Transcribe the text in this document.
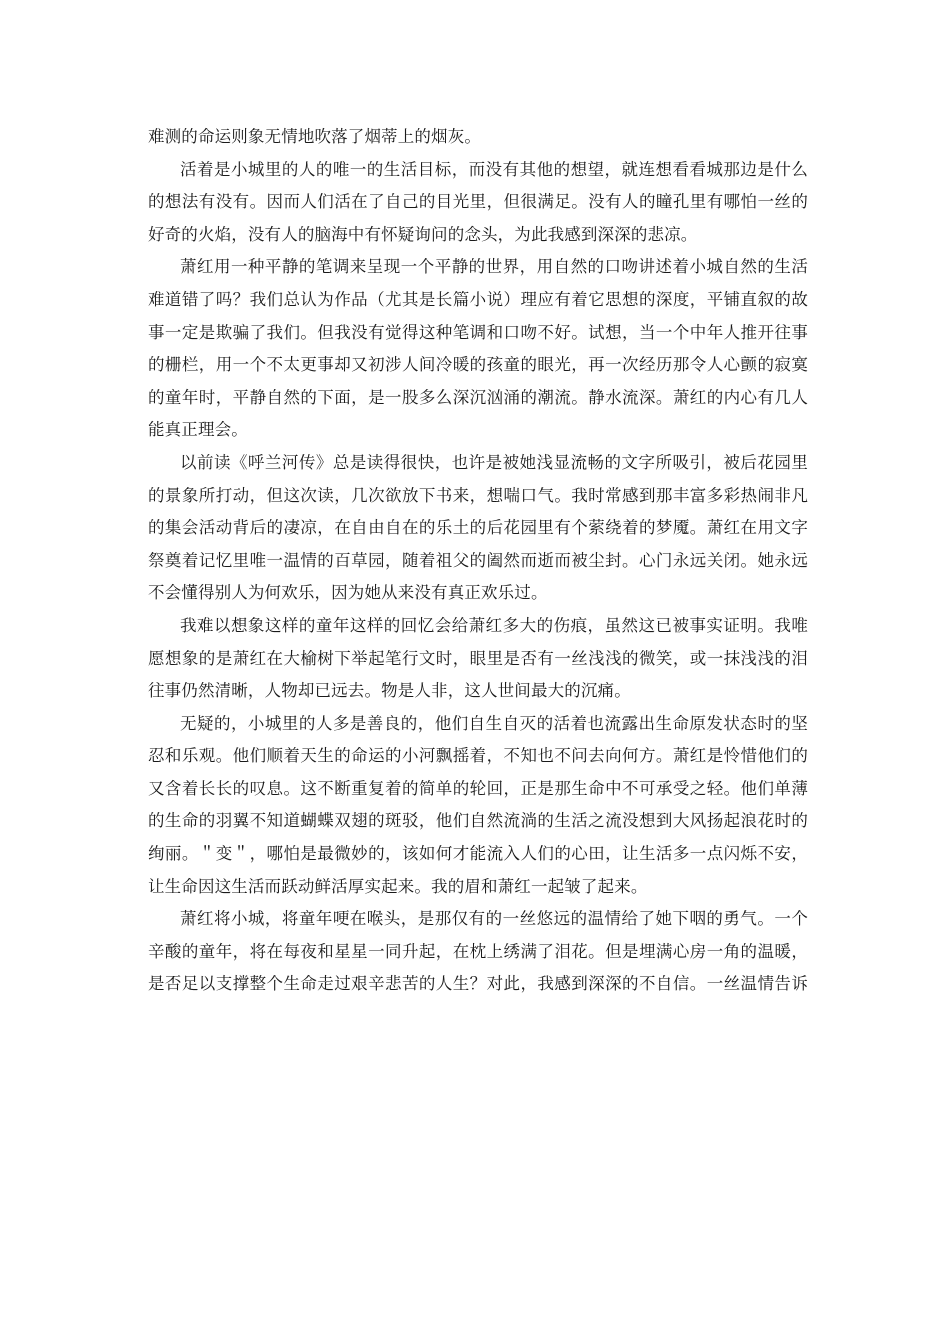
难测的命运则象无情地吹落了烟蒂上的烟灰。
活着是小城里的人的唯一的生活目标，而没有其他的想望，就连想看看城那边是什么
的想法有没有。因而人们活在了自己的目光里，但很满足。没有人的瞳孔里有哪怕一丝的
好奇的火焰，没有人的脑海中有怀疑询问的念头，为此我感到深深的悲凉。
萧红用一种平静的笔调来呈现一个平静的世界，用自然的口吻讲述着小城自然的生活
难道错了吗？我们总认为作品（尤其是长篇小说）理应有着它思想的深度，平铺直叙的故
事一定是欺骗了我们。但我没有觉得这种笔调和口吻不好。试想，当一个中年人推开往事
的栅栏，用一个不太更事却又初涉人间冷暖的孩童的眼光，再一次经历那令人心颤的寂寞
的童年时，平静自然的下面，是一股多么深沉汹涌的潮流。静水流深。萧红的内心有几人
能真正理会。
以前读《呼兰河传》总是读得很快，也许是被她浅显流畅的文字所吸引，被后花园里
的景象所打动，但这次读，几次欲放下书来，想喘口气。我时常感到那丰富多彩热闹非凡
的集会活动背后的凄凉，在自由自在的乐土的后花园里有个萦绕着的梦魇。萧红在用文字
祭奠着记忆里唯一温情的百草园，随着祖父的阖然而逝而被尘封。心门永远关闭。她永远
不会懂得别人为何欢乐，因为她从来没有真正欢乐过。
我难以想象这样的童年这样的回忆会给萧红多大的伤痕，虽然这已被事实证明。我唯
愿想象的是萧红在大榆树下举起笔行文时，眼里是否有一丝浅浅的微笑，或一抹浅浅的泪
往事仍然清晰，人物却已远去。物是人非，这人世间最大的沉痛。
无疑的，小城里的人多是善良的，他们自生自灭的活着也流露出生命原发状态时的坚
忍和乐观。他们顺着天生的命运的小河飘摇着，不知也不问去向何方。萧红是怜惜他们的
又含着长长的叹息。这不断重复着的简单的轮回，正是那生命中不可承受之轻。他们单薄
的生命的羽翼不知道蝴蝶双翅的斑驳，他们自然流淌的生活之流没想到大风扬起浪花时的
绚丽。＂变＂，哪怕是最微妙的，该如何才能流入人们的心田，让生活多一点闪烁不安，
让生命因这生活而跃动鲜活厚实起来。我的眉和萧红一起皱了起来。
萧红将小城，将童年哽在喉头，是那仅有的一丝悠远的温情给了她下咽的勇气。一个
辛酸的童年，将在每夜和星星一同升起，在枕上绣满了泪花。但是埋满心房一角的温暖，
是否足以支撑整个生命走过艰辛悲苦的人生？对此，我感到深深的不自信。一丝温情告诉
